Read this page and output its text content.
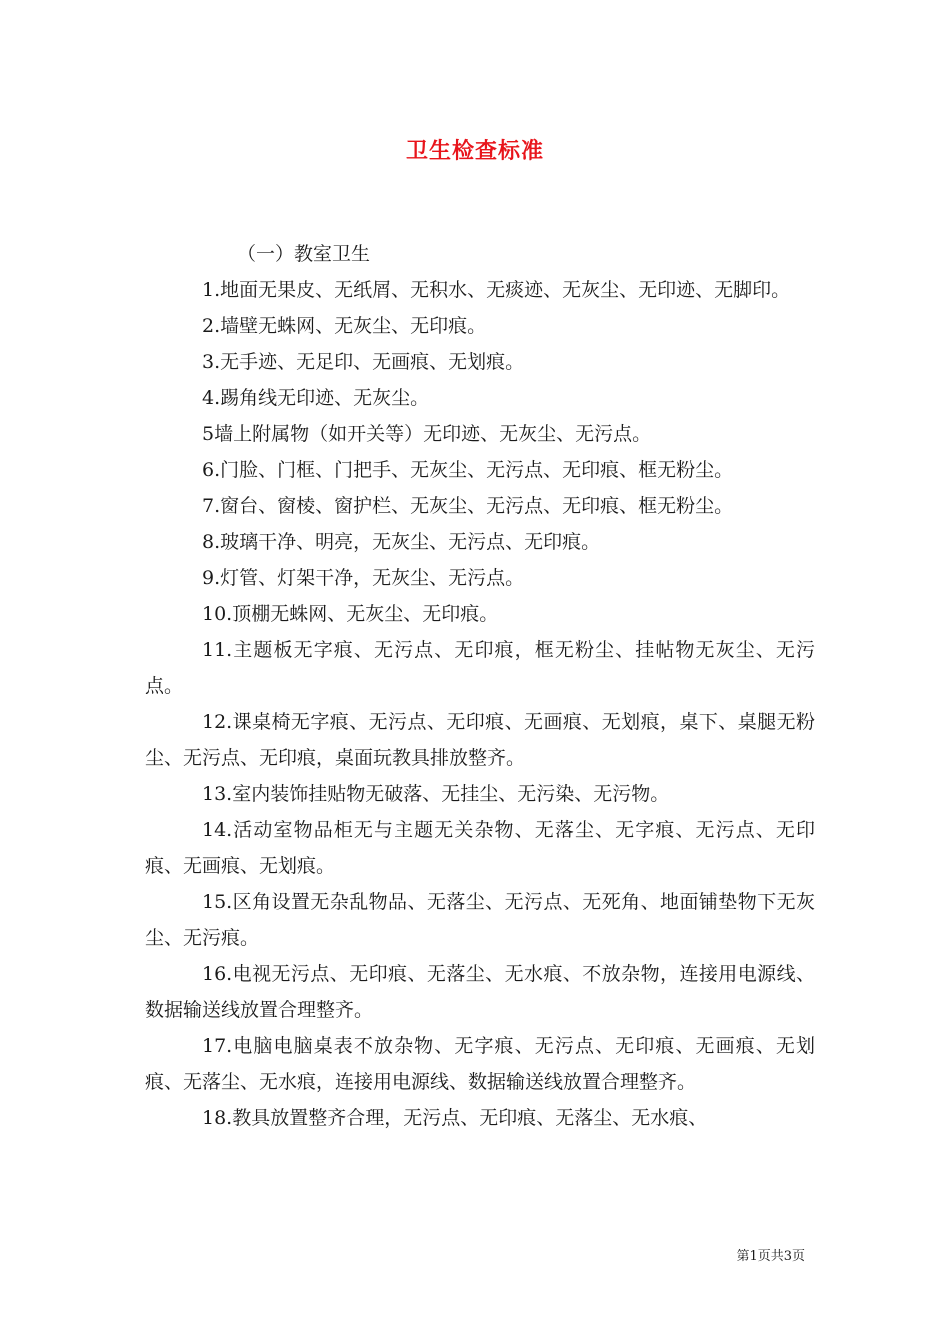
卫生检查标准

（一）教室卫生

1.地面无果皮、无纸屑、无积水、无痰迹、无灰尘、无印迹、无脚印。

2.墙壁无蛛网、无灰尘、无印痕。

3.无手迹、无足印、无画痕、无划痕。

4.踢角线无印迹、无灰尘。

5墙上附属物（如开关等）无印迹、无灰尘、无污点。

6.门脸、门框、门把手、无灰尘、无污点、无印痕、框无粉尘。

7.窗台、窗棱、窗护栏、无灰尘、无污点、无印痕、框无粉尘。

8.玻璃干净、明亮，无灰尘、无污点、无印痕。

9.灯管、灯架干净，无灰尘、无污点。

10.顶棚无蛛网、无灰尘、无印痕。

11.主题板无字痕、无污点、无印痕，框无粉尘、挂帖物无灰尘、无污点。

12.课桌椅无字痕、无污点、无印痕、无画痕、无划痕，桌下、桌腿无粉尘、无污点、无印痕，桌面玩教具排放整齐。

13.室内装饰挂贴物无破落、无挂尘、无污染、无污物。

14.活动室物品柜无与主题无关杂物、无落尘、无字痕、无污点、无印痕、无画痕、无划痕。

15.区角设置无杂乱物品、无落尘、无污点、无死角、地面铺垫物下无灰尘、无污痕。

16.电视无污点、无印痕、无落尘、无水痕、不放杂物，连接用电源线、数据输送线放置合理整齐。

17.电脑电脑桌表不放杂物、无字痕、无污点、无印痕、无画痕、无划痕、无落尘、无水痕，连接用电源线、数据输送线放置合理整齐。

18.教具放置整齐合理，无污点、无印痕、无落尘、无水痕、

第1页共3页
